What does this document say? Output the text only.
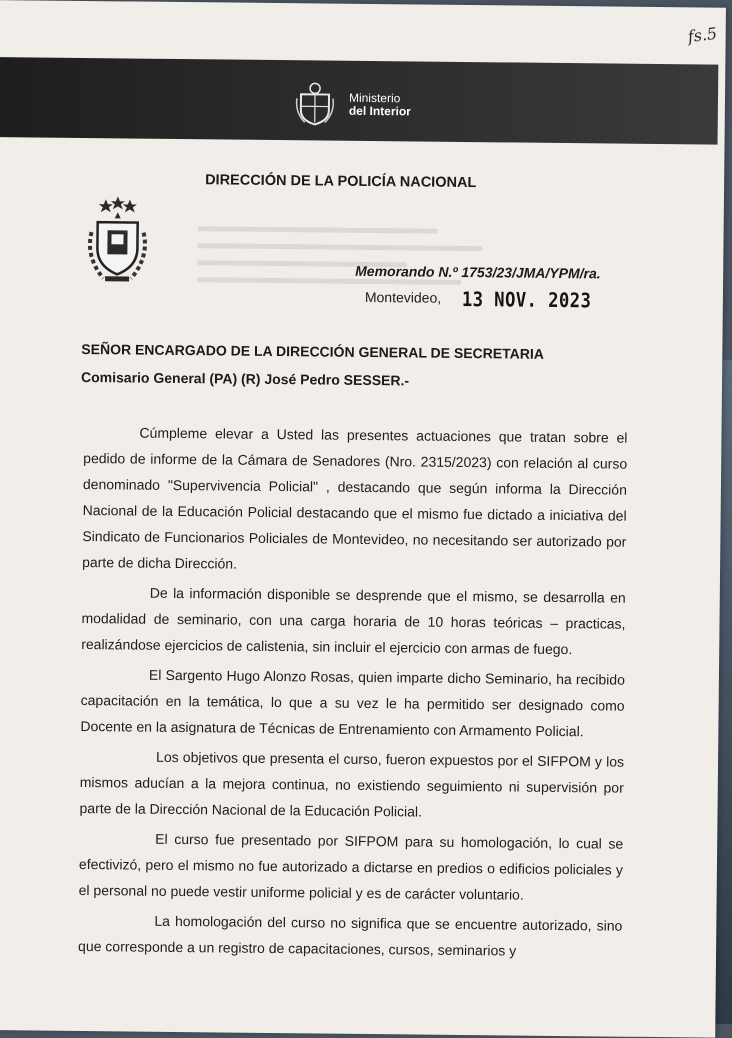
Ministerio
del Interior
fs.5
DIRECCIÓN DE LA POLICÍA NACIONAL
Memorando N.º 1753/23/JMA/YPM/ra.
Montevideo, 13 NOV. 2023
SEÑOR ENCARGADO DE LA DIRECCIÓN GENERAL DE SECRETARIA
Comisario General (PA) (R) José Pedro SESSER.-

Cúmpleme elevar a Usted las presentes actuaciones que tratan sobre el pedido de informe de la Cámara de Senadores (Nro. 2315/2023) con relación al curso denominado "Supervivencia Policial" , destacando que según informa la Dirección Nacional de la Educación Policial destacando que el mismo fue dictado a iniciativa del Sindicato de Funcionarios Policiales de Montevideo, no necesitando ser autorizado por parte de dicha Dirección.

De la información disponible se desprende que el mismo, se desarrolla en modalidad de seminario, con una carga horaria de 10 horas teóricas – practicas, realizándose ejercicios de calistenia, sin incluir el ejercicio con armas de fuego.

El Sargento Hugo Alonzo Rosas, quien imparte dicho Seminario, ha recibido capacitación en la temática, lo que a su vez le ha permitido ser designado como Docente en la asignatura de Técnicas de Entrenamiento con Armamento Policial.

Los objetivos que presenta el curso, fueron expuestos por el SIFPOM y los mismos aducían a la mejora continua, no existiendo seguimiento ni supervisión por parte de la Dirección Nacional de la Educación Policial.

El curso fue presentado por SIFPOM para su homologación, lo cual se efectivizó, pero el mismo no fue autorizado a dictarse en predios o edificios policiales y el personal no puede vestir uniforme policial y es de carácter voluntario.

La homologación del curso no significa que se encuentre autorizado, sino que corresponde a un registro de capacitaciones, cursos, seminarios y
